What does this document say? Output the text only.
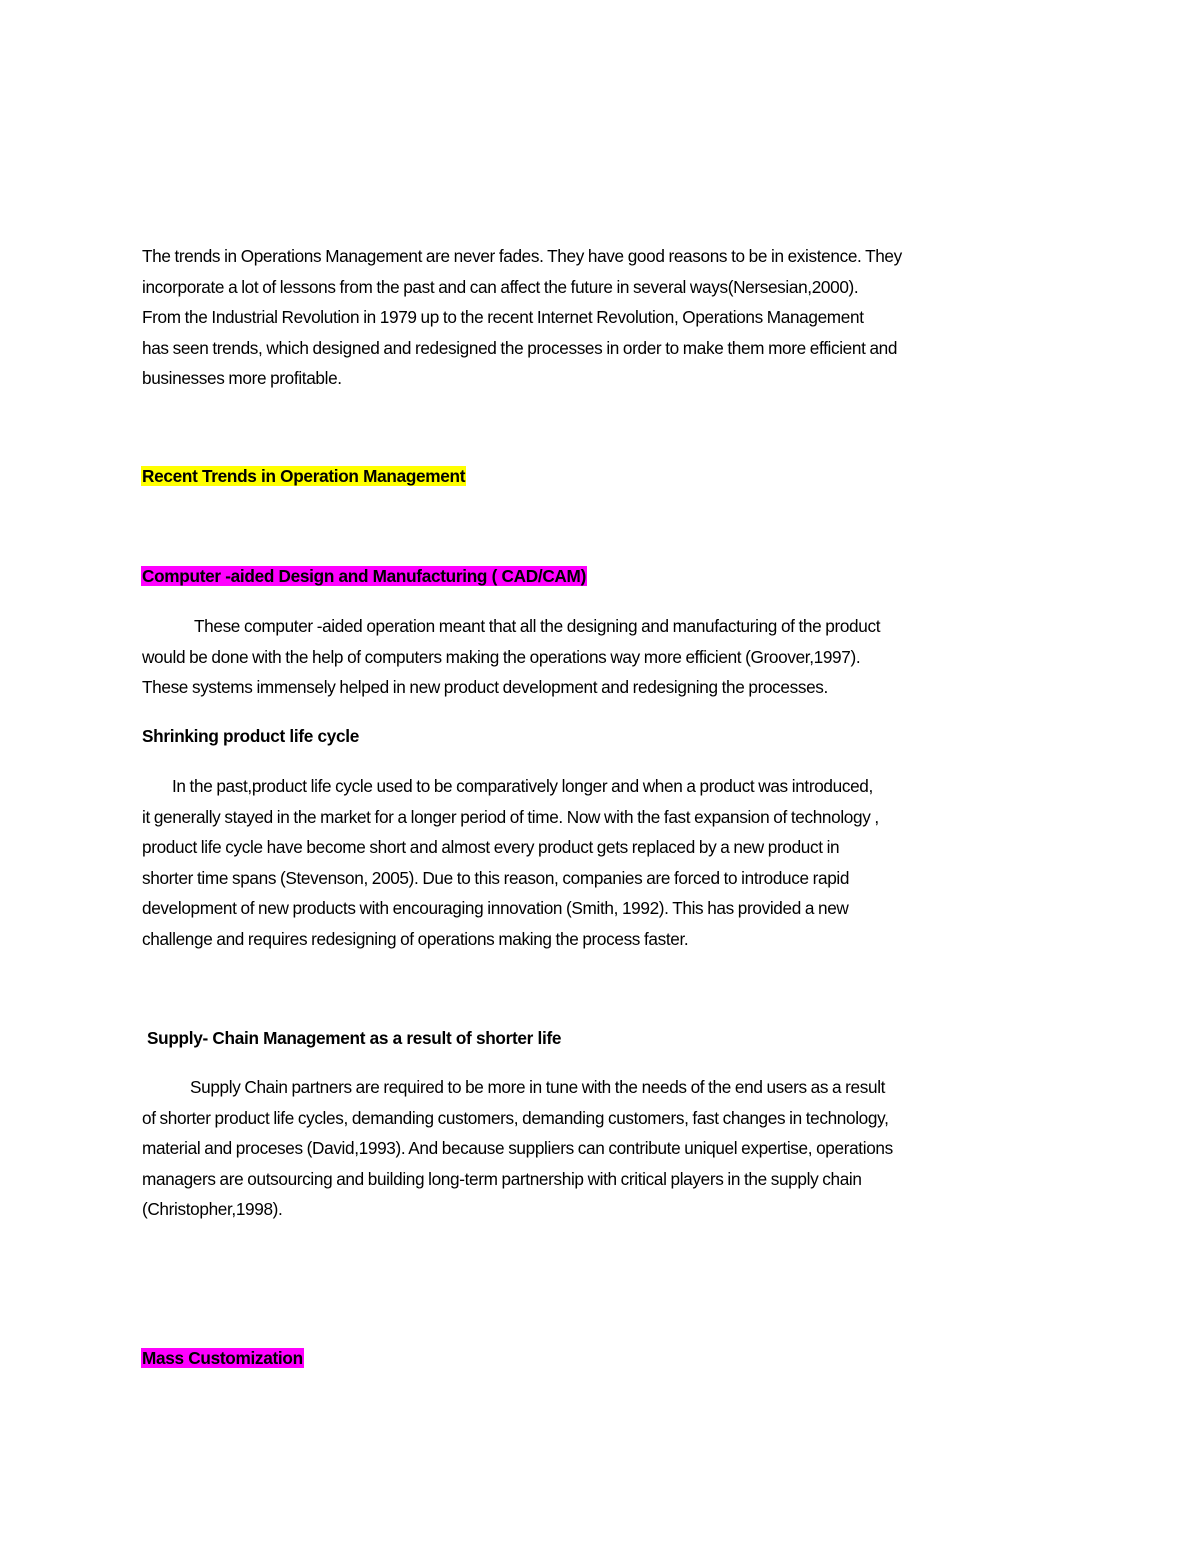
The trends in Operations Management are never fades. They have good reasons to be in existence. They
incorporate a lot of lessons from the past and can affect the future in several ways(Nersesian,2000).
From the Industrial Revolution in 1979 up to the recent Internet Revolution, Operations Management
has seen trends, which designed and redesigned the processes in order to make them more efficient and
businesses more profitable.
Recent Trends in Operation Management
Computer -aided Design and Manufacturing ( CAD/CAM)
These computer -aided operation meant that all the designing and manufacturing of the product
would be done with the help of computers making the operations way more efficient (Groover,1997).
These systems immensely helped in new product development and redesigning the processes.
Shrinking product life cycle
In the past,product life cycle used to be comparatively longer and when a product was introduced,
it generally stayed in the market for a longer period of time. Now with the fast expansion of technology ,
product life cycle have become short and almost every product gets replaced by a new product in
shorter time spans (Stevenson, 2005). Due to this reason, companies are forced to introduce rapid
development of new products with encouraging innovation (Smith, 1992). This has provided a new
challenge and requires redesigning of operations making the process faster.
Supply- Chain Management as a result of shorter life
Supply Chain partners are required to be more in tune with the needs of the end users as a result
of shorter product life cycles, demanding customers, demanding customers, fast changes in technology,
material and proceses (David,1993). And because suppliers can contribute uniquel expertise, operations
managers are outsourcing and building long-term partnership with critical players in the supply chain
(Christopher,1998).
Mass Customization
